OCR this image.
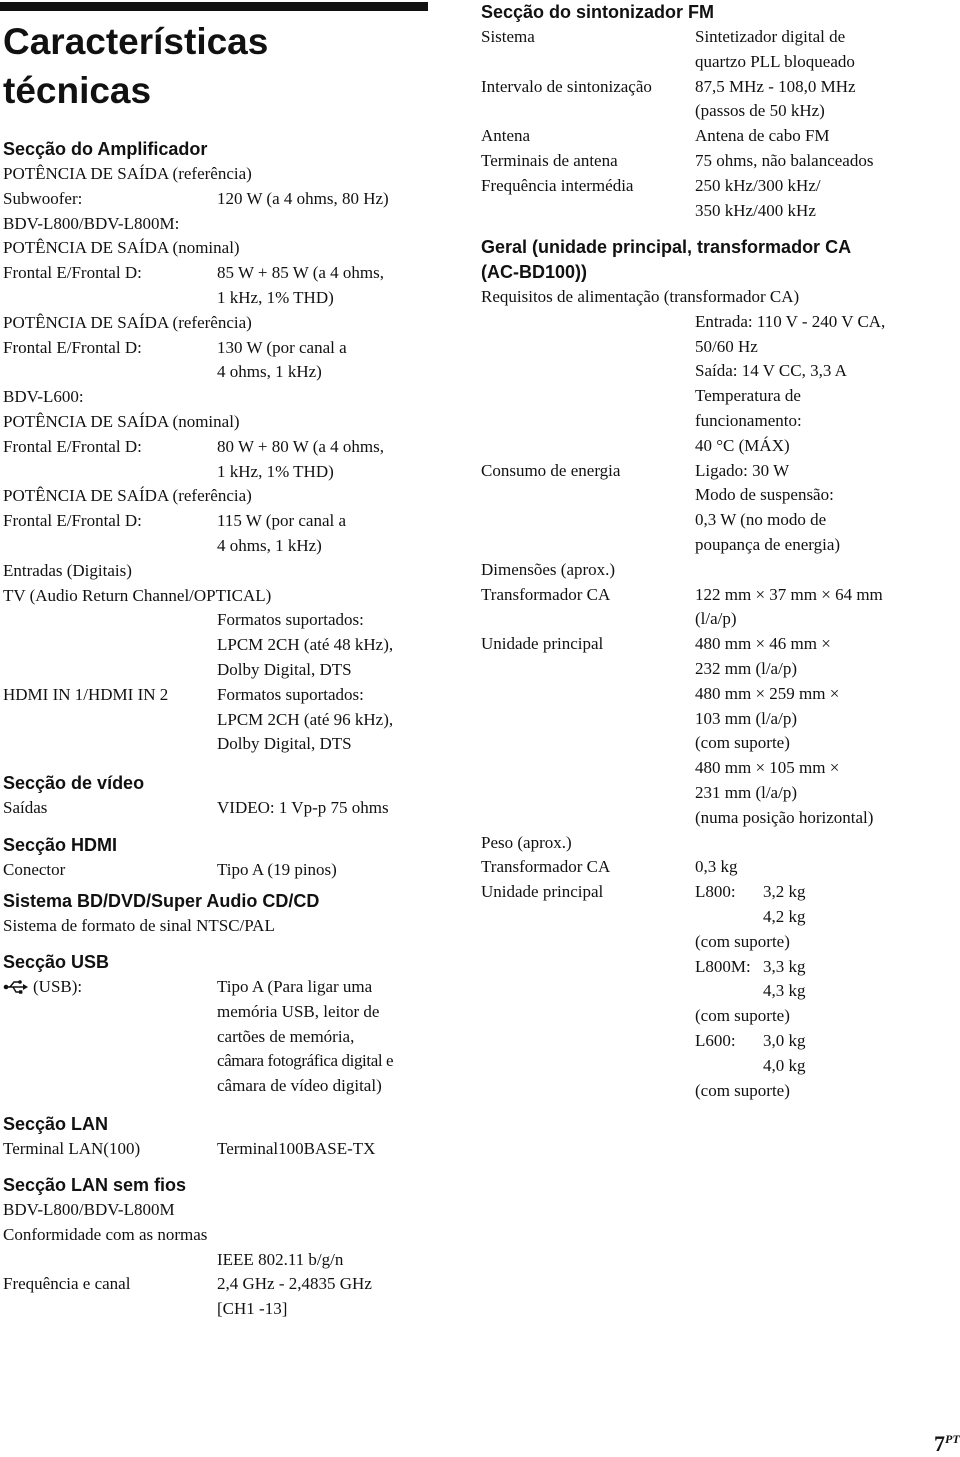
Características
técnicas
Secção do Amplificador
POTÊNCIA DE SAÍDA (referência)
Subwoofer:	120 W (a 4 ohms, 80 Hz)
BDV-L800/BDV-L800M:
POTÊNCIA DE SAÍDA (nominal)
Frontal E/Frontal D:	85 W + 85 W (a 4 ohms,
1 kHz, 1% THD)
POTÊNCIA DE SAÍDA (referência)
Frontal E/Frontal D:	130 W (por canal a
4 ohms, 1 kHz)
BDV-L600:
POTÊNCIA DE SAÍDA (nominal)
Frontal E/Frontal D:	80 W + 80 W (a 4 ohms,
1 kHz, 1% THD)
POTÊNCIA DE SAÍDA (referência)
Frontal E/Frontal D:	115 W (por canal a
4 ohms, 1 kHz)
Entradas (Digitais)
TV (Audio Return Channel/OPTICAL)
Formatos suportados:
LPCM 2CH (até 48 kHz),
Dolby Digital, DTS
HDMI IN 1/HDMI IN 2	Formatos suportados:
LPCM 2CH (até 96 kHz),
Dolby Digital, DTS
Secção de vídeo
Saídas	VIDEO: 1 Vp-p 75 ohms
Secção HDMI
Conector	Tipo A (19 pinos)
Sistema BD/DVD/Super Audio CD/CD
Sistema de formato de sinal NTSC/PAL
Secção USB
(USB):	Tipo A (Para ligar uma
memória USB, leitor de
cartões de memória,
câmara fotográfica digital e
câmara de vídeo digital)
Secção LAN
Terminal LAN(100)	Terminal100BASE-TX
Secção LAN sem fios
BDV-L800/BDV-L800M
Conformidade com as normas
IEEE 802.11 b/g/n
Frequência e canal	2,4 GHz - 2,4835 GHz
[CH1 -13]
Secção do sintonizador FM
Sistema	Sintetizador digital de
quartzo PLL bloqueado
Intervalo de sintonização	87,5 MHz - 108,0 MHz
(passos de 50 kHz)
Antena	Antena de cabo FM
Terminais de antena	75 ohms, não balanceados
Frequência intermédia	250 kHz/300 kHz/
350 kHz/400 kHz
Geral (unidade principal, transformador CA
(AC-BD100))
Requisitos de alimentação (transformador CA)
Entrada: 110 V - 240 V CA,
50/60 Hz
Saída: 14 V CC, 3,3 A
Temperatura de
funcionamento:
40 °C (MÁX)
Consumo de energia	Ligado: 30 W
Modo de suspensão:
0,3 W (no modo de
poupança de energia)
Dimensões (aprox.)
Transformador CA	122 mm × 37 mm × 64 mm
(l/a/p)
Unidade principal	480 mm × 46 mm ×
232 mm (l/a/p)
480 mm × 259 mm ×
103 mm (l/a/p)
(com suporte)
480 mm × 105 mm ×
231 mm (l/a/p)
(numa posição horizontal)
Peso (aprox.)
Transformador CA	0,3 kg
Unidade principal	L800: 3,2 kg
4,2 kg
(com suporte)
L800M: 3,3 kg
4,3 kg
(com suporte)
L600: 3,0 kg
4,0 kg
(com suporte)
$7^{PT}$
